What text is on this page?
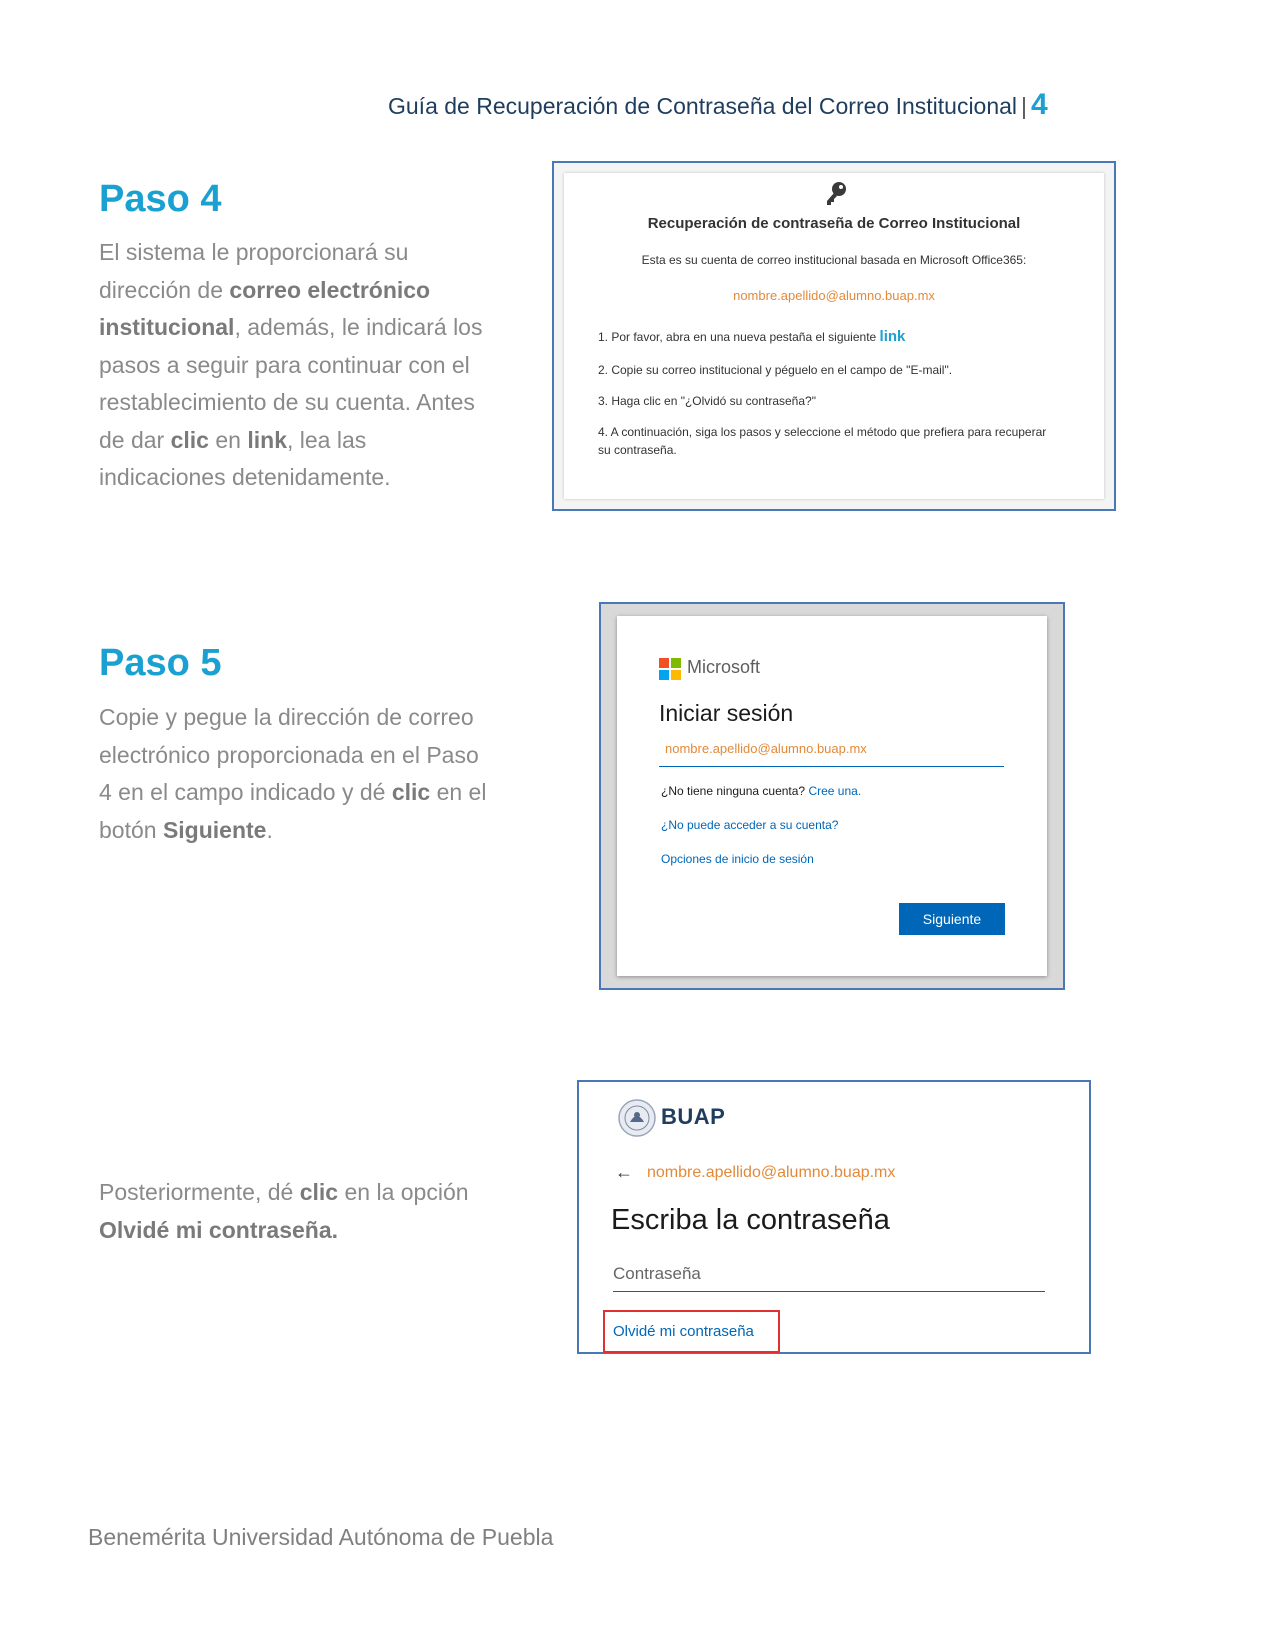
Guía de Recuperación de Contraseña del Correo Institucional | 4
Paso 4
El sistema le proporcionará su dirección de correo electrónico institucional, además, le indicará los pasos a seguir para continuar con el restablecimiento de su cuenta. Antes de dar clic en link, lea las indicaciones detenidamente.
Recuperación de contraseña de Correo Institucional
Esta es su cuenta de correo institucional basada en Microsoft Office365:
nombre.apellido@alumno.buap.mx
1. Por favor, abra en una nueva pestaña el siguiente link
2. Copie su correo institucional y péguelo en el campo de "E-mail".
3. Haga clic en "¿Olvidó su contraseña?"
4. A continuación, siga los pasos y seleccione el método que prefiera para recuperar
su contraseña.
Paso 5
Copie y pegue la dirección de correo electrónico proporcionada en el Paso 4 en el campo indicado y dé clic en el botón Siguiente.
Microsoft
Iniciar sesión
nombre.apellido@alumno.buap.mx
¿No tiene ninguna cuenta? Cree una.
¿No puede acceder a su cuenta?
Opciones de inicio de sesión
Siguiente
Posteriormente, dé clic en la opción Olvidé mi contraseña.
BUAP
← nombre.apellido@alumno.buap.mx
Escriba la contraseña
Contraseña
Olvidé mi contraseña
Benemérita Universidad Autónoma de Puebla
